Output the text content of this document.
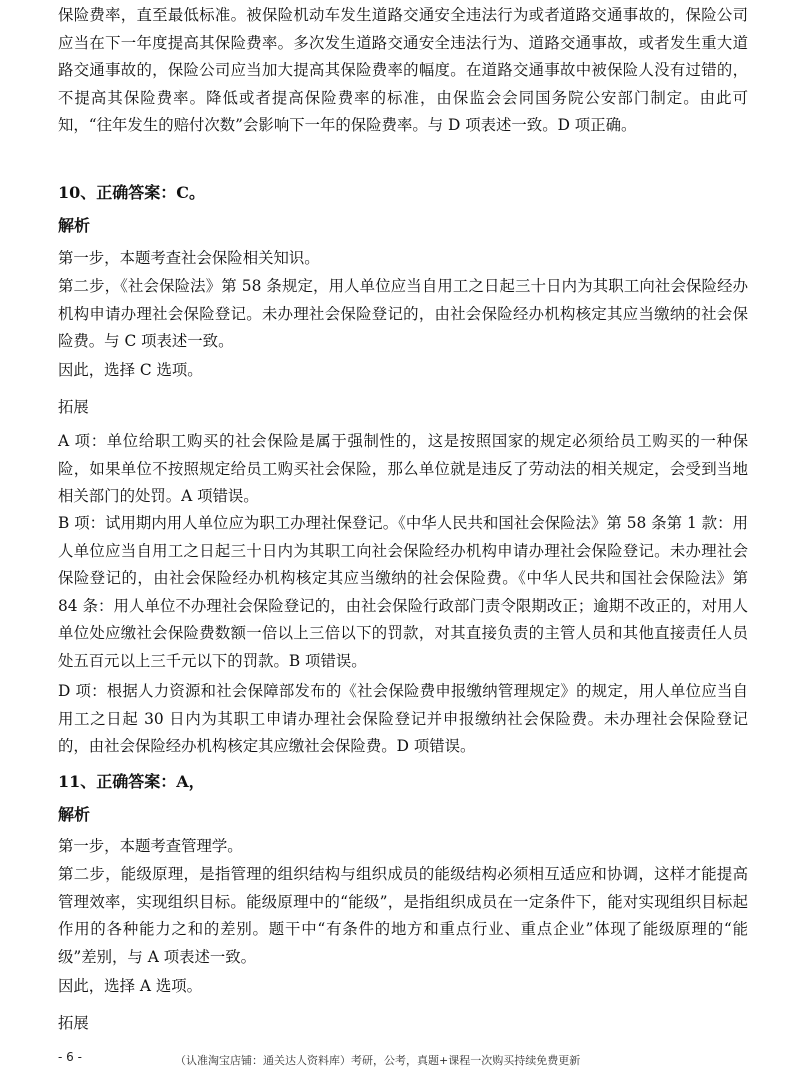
保险费率，直至最低标准。被保险机动车发生道路交通安全违法行为或者道路交通事故的，保险公司应当在下一年度提高其保险费率。多次发生道路交通安全违法行为、道路交通事故，或者发生重大道路交通事故的，保险公司应当加大提高其保险费率的幅度。在道路交通事故中被保险人没有过错的，不提高其保险费率。降低或者提高保险费率的标准，由保监会会同国务院公安部门制定。由此可知，“往年发生的赔付次数”会影响下一年的保险费率。与 D 项表述一致。D 项正确。

10、正确答案：C。

解析

第一步，本题考查社会保险相关知识。

第二步，《社会保险法》第 58 条规定，用人单位应当自用工之日起三十日内为其职工向社会保险经办机构申请办理社会保险登记。未办理社会保险登记的，由社会保险经办机构核定其应当缴纳的社会保险费。与 C 项表述一致。

因此，选择 C 选项。

拓展

A 项：单位给职工购买的社会保险是属于强制性的，这是按照国家的规定必须给员工购买的一种保险，如果单位不按照规定给员工购买社会保险，那么单位就是违反了劳动法的相关规定，会受到当地相关部门的处罚。A 项错误。

B 项：试用期内用人单位应为职工办理社保登记。《中华人民共和国社会保险法》第 58 条第 1 款：用人单位应当自用工之日起三十日内为其职工向社会保险经办机构申请办理社会保险登记。未办理社会保险登记的，由社会保险经办机构核定其应当缴纳的社会保险费。《中华人民共和国社会保险法》第 84 条：用人单位不办理社会保险登记的，由社会保险行政部门责令限期改正；逾期不改正的，对用人单位处应缴社会保险费数额一倍以上三倍以下的罚款，对其直接负责的主管人员和其他直接责任人员处五百元以上三千元以下的罚款。B 项错误。

D 项：根据人力资源和社会保障部发布的《社会保险费申报缴纳管理规定》的规定，用人单位应当自用工之日起 30 日内为其职工申请办理社会保险登记并申报缴纳社会保险费。未办理社会保险登记的，由社会保险经办机构核定其应缴社会保险费。D 项错误。

11、正确答案：A，

解析

第一步，本题考查管理学。

第二步，能级原理，是指管理的组织结构与组织成员的能级结构必须相互适应和协调，这样才能提高管理效率，实现组织目标。能级原理中的“能级”，是指组织成员在一定条件下，能对实现组织目标起作用的各种能力之和的差别。题干中“有条件的地方和重点行业、重点企业”体现了能级原理的“能级”差别，与 A 项表述一致。

因此，选择 A 选项。

拓展

- 6 -	（认准淘宝店铺：通关达人资料库）考研，公考，真题+课程一次购买持续免费更新
